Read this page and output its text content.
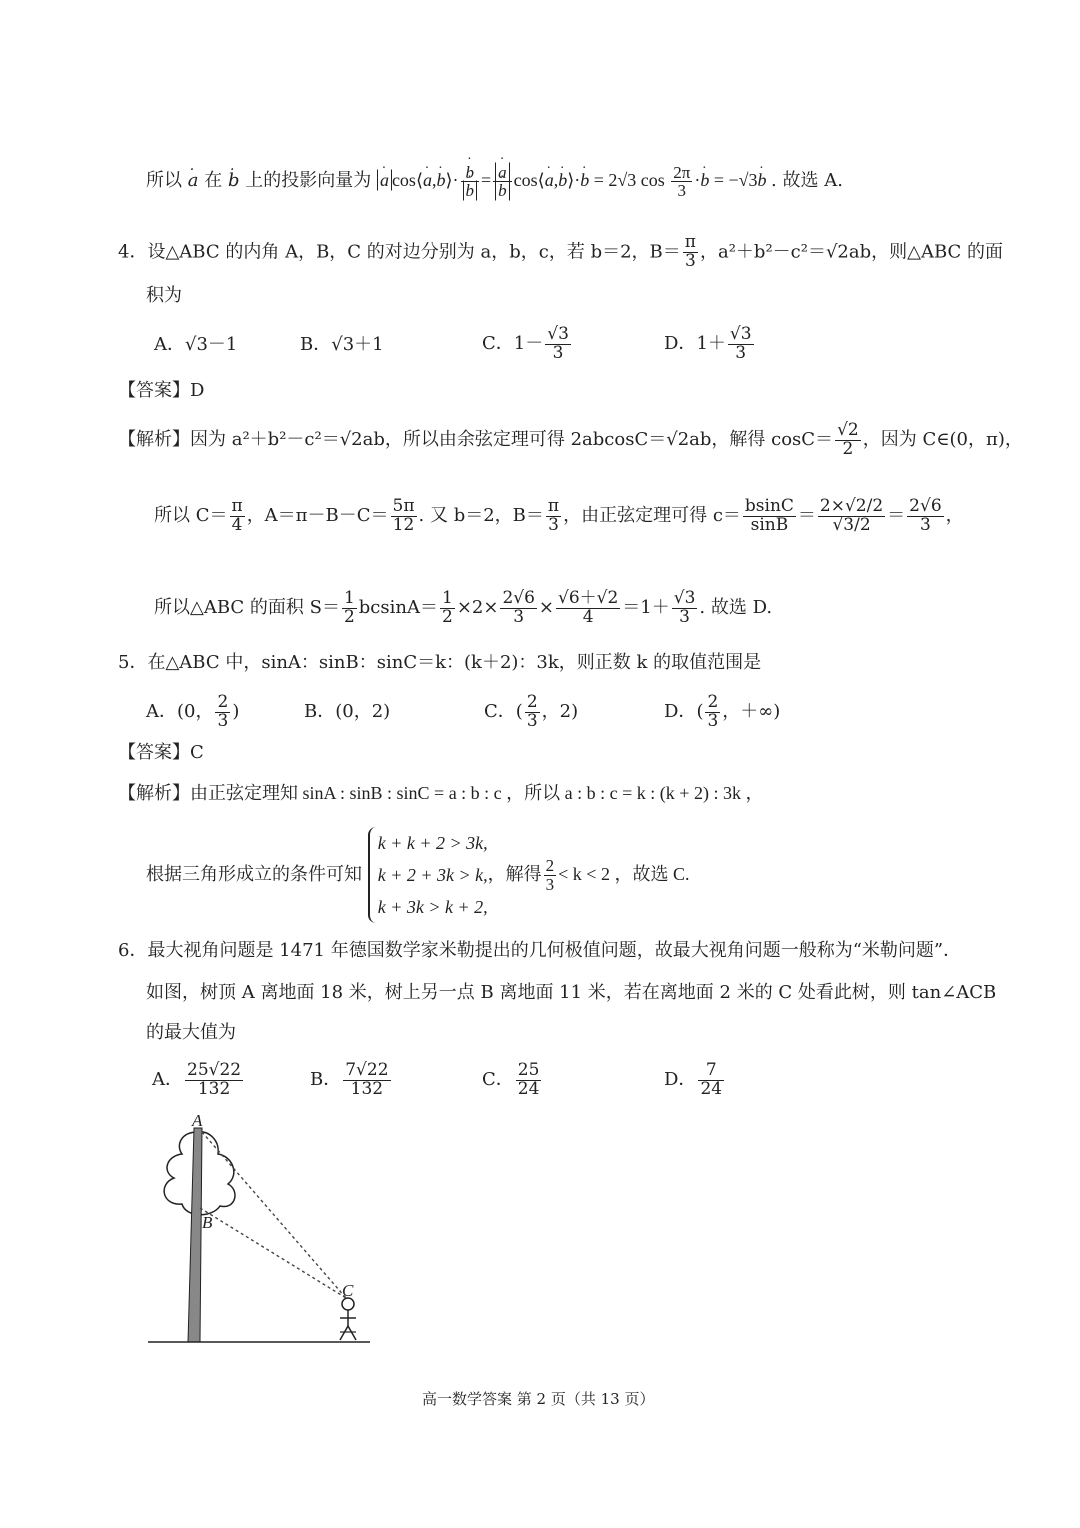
所以 · a 在 · b 上的投影向量为 · a cos⟨· a,· b⟩· · b
· b = · a
· b cos⟨· a,· b⟩·· b = 2√3 $\cos \frac{2\pi}{3} \cdot\cdot b = -√3\cdot b$ . 故选 A.
4．设△ABC 的内角 A，B，C 的对边分别为 a，b，c，若 b＝2，$B= \frac{\pi}{3}$ ，a²＋b²－c²＝√2ab，则△ABC 的面
积为
A．√3－1	B．√3＋1	C．$1- \frac{√3}{3}$	D．$1+ \frac{√3}{3}$
【答案】D
【解析】因为 a²＋b²－c²＝√2ab，所以由余弦定理可得 2abcosC＝√2ab，解得 $\cos C= \frac{√2}{2}$ ，因为 C∈(0，π)，
所以 $C= \frac{\pi}{4}$ ，$A=\pi-B-C= \frac{5\pi}{12}$ . 又 b＝2，$B= \frac{\pi}{3}$ ，由正弦定理可得 $c= \frac{bsinC}{\sin B} = \frac{2\times√2/2}{√3/2} = \frac{2√6}{3}$ ，
所以△ABC 的面积 $S= \frac{1}{2} bcsinA= \frac{1}{2} \times 2\times \frac{2√6}{3} \times \frac{√6+√2}{4} =1+ \frac{√3}{3}$ . 故选 D.
5．在△ABC 中，sinA：sinB：sinC＝k：(k＋2)：3k，则正数 k 的取值范围是
A．(0， $\frac{2}{3}$ )	B．(0，2)	C．( $\frac{2}{3}$ ，2)	D．( $\frac{2}{3}$ ，＋∞)
【答案】C
【解析】由正弦定理知 sinA : sinB : sinC = a : b : c ，所以 a : b : c = k : (k + 2) : 3k ，
根据三角形成立的条件可知
k + k + 2 > 3k,
k + 2 + 3k > k,
k + 3k > k + 2,
，解得 $\frac{2}{3} < k < 2$ ，故选 C.
6．最大视角问题是 1471 年德国数学家米勒提出的几何极值问题，故最大视角问题一般称为“米勒问题”．
如图，树顶 A 离地面 18 米，树上另一点 B 离地面 11 米，若在离地面 2 米的 C 处看此树，则 tan∠ACB
的最大值为
A． $\frac{25√22}{132}$	B． $\frac{7√22}{132}$	C． $\frac{25}{24}$	D． $\frac{7}{24}$
A
B
C
高一数学答案 第 2 页（共 13 页）
